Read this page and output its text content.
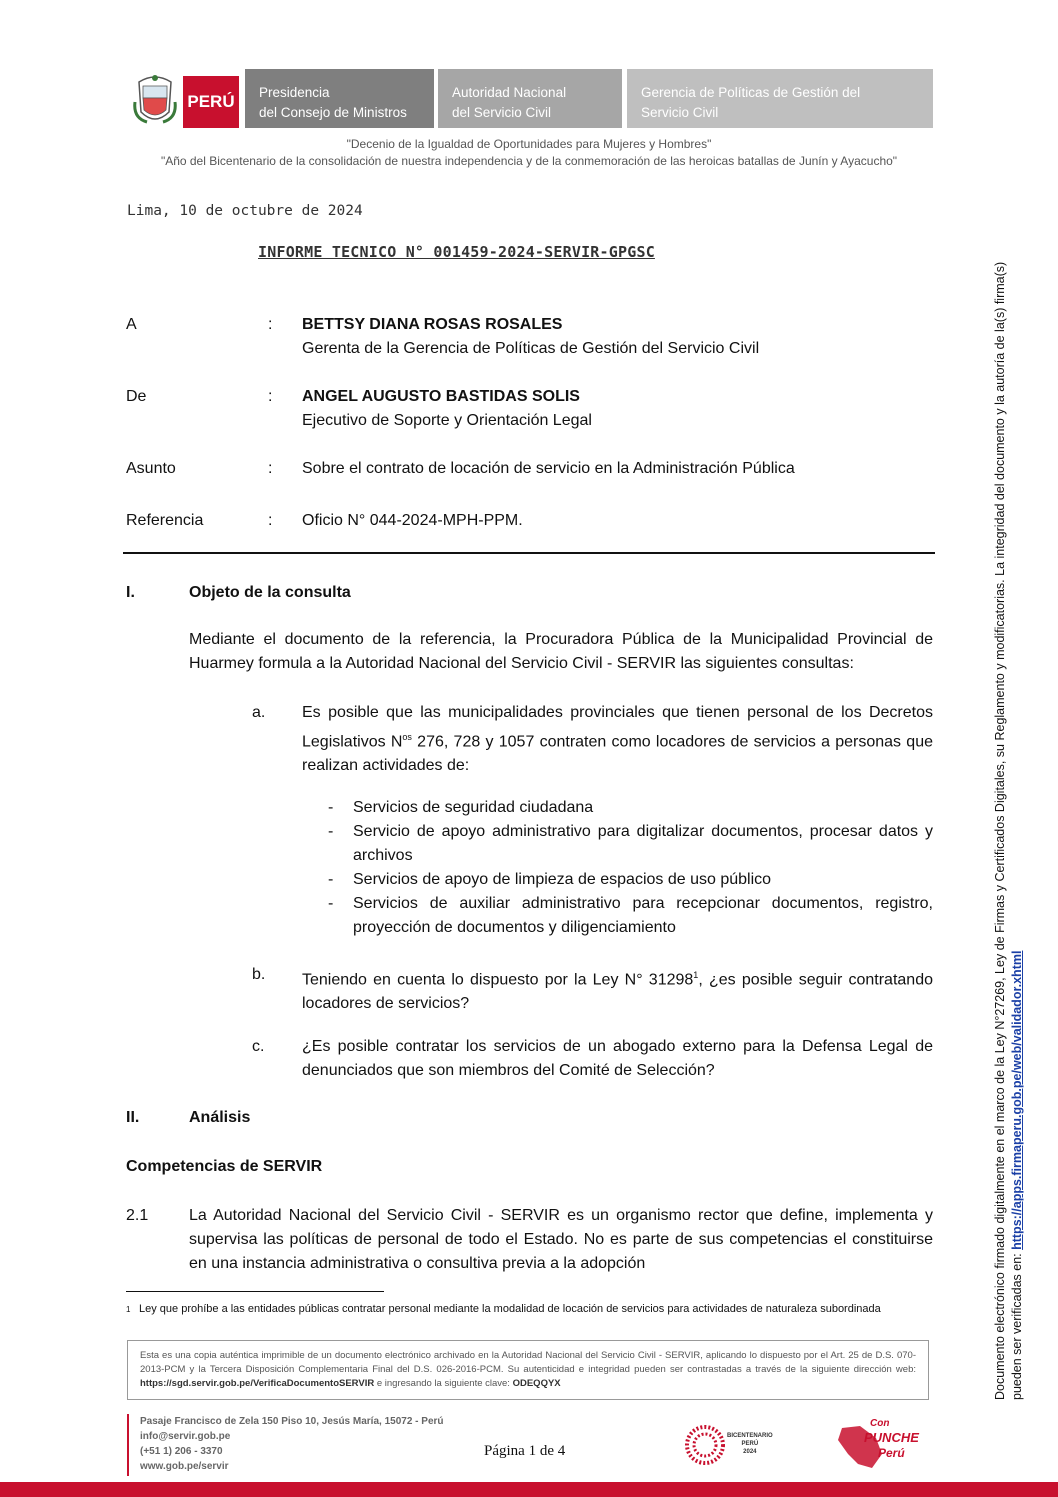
PERÚ	Presidencia
del Consejo de Ministros
Autoridad Nacional
del Servicio Civil
Gerencia de Políticas de Gestión del
Servicio Civil
"Decenio de la Igualdad de Oportunidades para Mujeres y Hombres"
"Año del Bicentenario de la consolidación de nuestra independencia y de la conmemoración de las heroicas batallas de Junín y Ayacucho"
Lima, 10 de octubre de 2024
INFORME TECNICO N° 001459-2024-SERVIR-GPGSC
A	: BETTSY DIANA ROSAS ROSALES
Gerenta de la Gerencia de Políticas de Gestión del Servicio Civil
De	: ANGEL AUGUSTO BASTIDAS SOLIS
Ejecutivo de Soporte y Orientación Legal
Asunto	: Sobre el contrato de locación de servicio en la Administración Pública
Referencia	: Oficio N° 044-2024-MPH-PPM.
I.	Objeto de la consulta
Mediante el documento de la referencia, la Procuradora Pública de la Municipalidad Provincial de Huarmey formula a la Autoridad Nacional del Servicio Civil - SERVIR las siguientes consultas:
a. Es posible que las municipalidades provinciales que tienen personal de los Decretos Legislativos $N^{os}$ 276, 728 y 1057 contraten como locadores de servicios a personas que realizan actividades de:
- Servicios de seguridad ciudadana
- Servicio de apoyo administrativo para digitalizar documentos, procesar datos y archivos
- Servicios de apoyo de limpieza de espacios de uso público
- Servicios de auxiliar administrativo para recepcionar documentos, registro, proyección de documentos y diligenciamiento
b. Teniendo en cuenta lo dispuesto por la Ley N° 31298$^1$, ¿es posible seguir contratando locadores de servicios?
c. ¿Es posible contratar los servicios de un abogado externo para la Defensa Legal de denunciados que son miembros del Comité de Selección?
II.	Análisis
Competencias de SERVIR
2.1	La Autoridad Nacional del Servicio Civil - SERVIR es un organismo rector que define, implementa y supervisa las políticas de personal de todo el Estado. No es parte de sus competencias el constituirse en una instancia administrativa o consultiva previa a la adopción
1 Ley que prohíbe a las entidades públicas contratar personal mediante la modalidad de locación de servicios para actividades de naturaleza subordinada
Esta es una copia auténtica imprimible de un documento electrónico archivado en la Autoridad Nacional del Servicio Civil - SERVIR, aplicando lo dispuesto por el Art. 25 de D.S. 070-2013-PCM y la Tercera Disposición Complementaria Final del D.S. 026-2016-PCM. Su autenticidad e integridad pueden ser contrastadas a través de la siguiente dirección web: https://sgd.servir.gob.pe/VerificaDocumentoSERVIR e ingresando la siguiente clave: ODEQQYX
Pasaje Francisco de Zela 150 Piso 10, Jesús María, 15072 - Perú
info@servir.gob.pe
(+51 1) 206 - 3370
www.gob.pe/servir
Página 1 de 4
BICENTENARIO
PERÚ
2024
Con
PUNCHE
Perú
Documento electrónico firmado digitalmente en el marco de la Ley N°27269, Ley de Firmas y Certificados Digitales, su Reglamento y modificatorias. La integridad del documento y la autoría de la(s) firma(s) pueden ser verificadas en: https://apps.firmaperu.gob.pe/web/validador.xhtml
